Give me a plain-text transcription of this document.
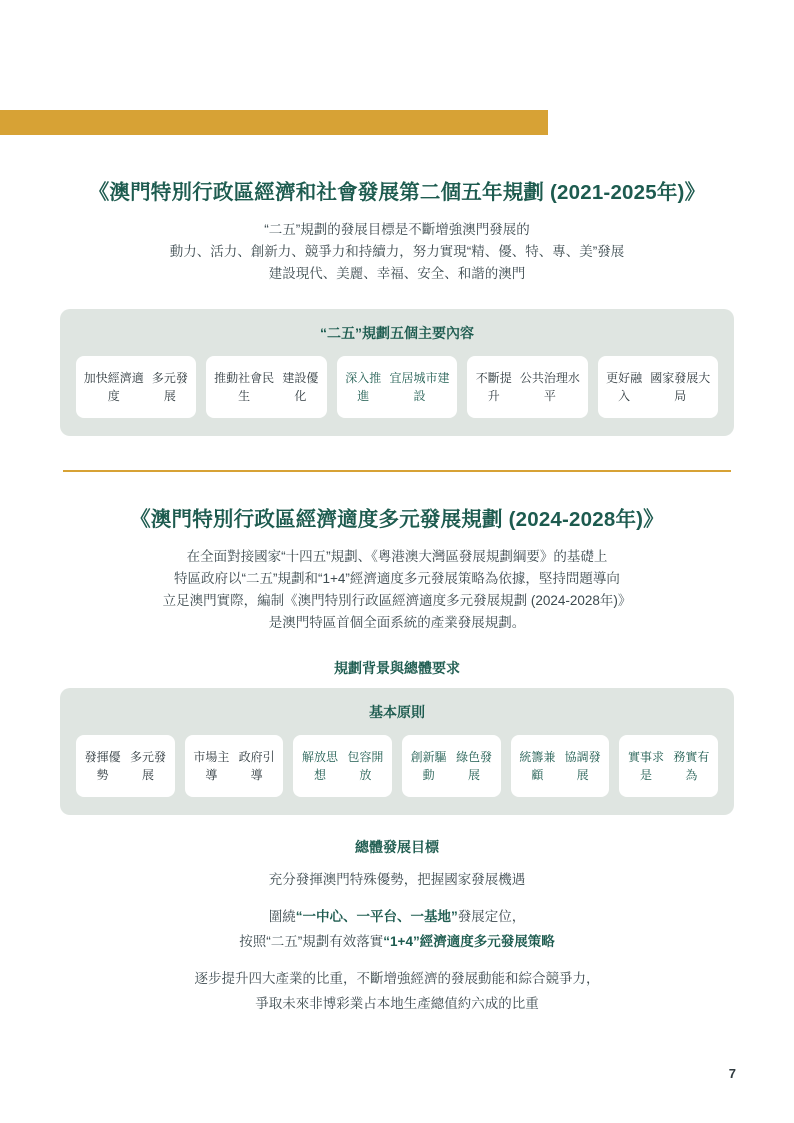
《澳門特別行政區經濟和社會發展第二個五年規劃 (2021-2025年)》
“二五”規劃的發展目標是不斷增強澳門發展的
動力、活力、創新力、競爭力和持續力，努力實現“精、優、特、專、美”發展
建設現代、美麗、幸福、安全、和諧的澳門
“二五”規劃五個主要內容
加快經濟適度
多元發展
推動社會民生
建設優化
深入推進
宜居城市建設
不斷提升
公共治理水平
更好融入
國家發展大局
《澳門特別行政區經濟適度多元發展規劃 (2024-2028年)》
在全面對接國家“十四五”規劃、《粵港澳大灣區發展規劃綱要》的基礎上
特區政府以“二五”規劃和“1+4”經濟適度多元發展策略為依據，堅持問題導向
立足澳門實際，編制《澳門特別行政區經濟適度多元發展規劃 (2024-2028年)》
是澳門特區首個全面系統的產業發展規劃。
規劃背景與總體要求
基本原則
發揮優勢
多元發展
市場主導
政府引導
解放思想
包容開放
創新驅動
綠色發展
統籌兼顧
協調發展
實事求是
務實有為
總體發展目標
充分發揮澳門特殊優勢，把握國家發展機遇
圍繞“一中心、一平台、一基地”發展定位，
按照“二五”規劃有效落實“1+4”經濟適度多元發展策略
逐步提升四大產業的比重，不斷增強經濟的發展動能和綜合競爭力，
爭取未來非博彩業占本地生產總值約六成的比重
7
